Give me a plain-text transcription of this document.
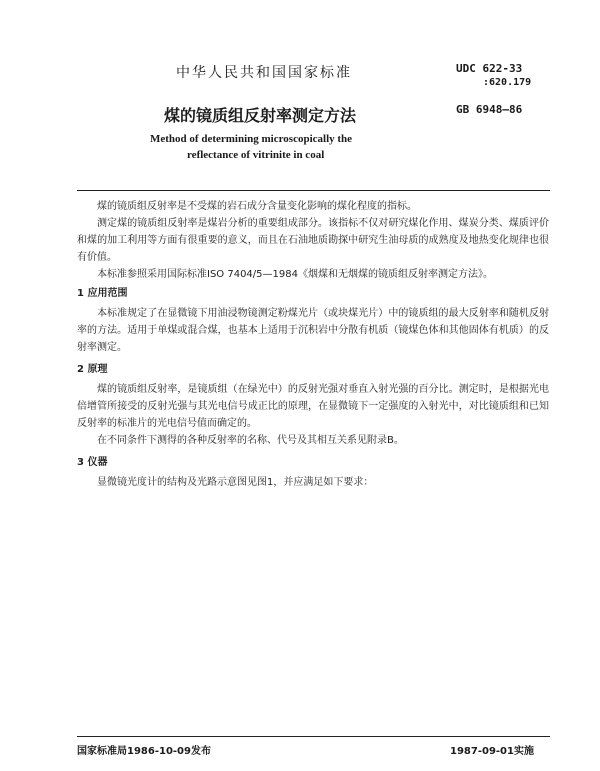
中华人民共和国国家标准	UDC 622-33
:620.179
GB 6948—86
煤的镜质组反射率测定方法
Method of determining microscopically the
reflectance of vitrinite in coal

煤的镜质组反射率是不受煤的岩石成分含量变化影响的煤化程度的指标。

测定煤的镜质组反射率是煤岩分析的重要组成部分。该指标不仅对研究煤化作用、煤炭分类、煤质评价和煤的加工利用等方面有很重要的意义，而且在石油地质勘探中研究生油母质的成熟度及地热变化规律也很有价值。

本标准参照采用国际标准ISO 7404/5—1984《烟煤和无烟煤的镜质组反射率测定方法》。

1 应用范围

本标准规定了在显微镜下用油浸物镜测定粉煤光片（或块煤光片）中的镜质组的最大反射率和随机反射率的方法。适用于单煤或混合煤，也基本上适用于沉积岩中分散有机质（镜煤色体和其他固体有机质）的反射率测定。

2 原理

煤的镜质组反射率，是镜质组（在绿光中）的反射光强对垂直入射光强的百分比。测定时，是根据光电倍增管所接受的反射光强与其光电信号成正比的原理，在显微镜下一定强度的入射光中，对比镜质组和已知反射率的标准片的光电信号值而确定的。

在不同条件下测得的各种反射率的名称、代号及其相互关系见附录B。

3 仪器

显微镜光度计的结构及光路示意图见图1，并应满足如下要求：

国家标准局1986-10-09发布	1987-09-01实施
